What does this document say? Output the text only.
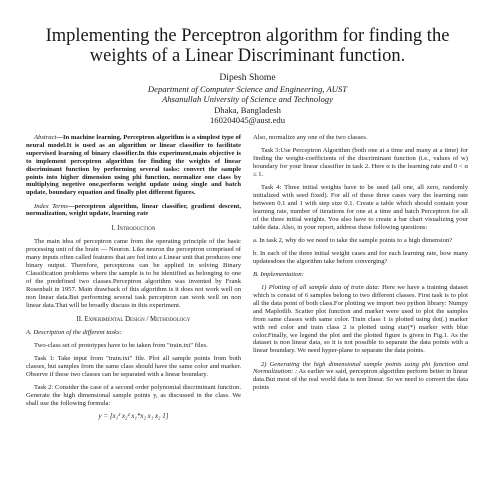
Implementing the Perceptron algorithm for finding the weights of a Linear Discriminant function.
Dipesh Shome
Department of Computer Science and Engineering, AUST
Ahsanullah University of Science and Technology
Dhaka, Bangladesh
160204045@aust.edu

Abstract—In machine learning, Perceptron algorithm is a simplest type of neural model.It is used as an algorithm or linear classifier to facilitate supervised learning of binary classifier.In this experiment,main objective is to implement perceptron algorithm for finding the weights of linear discriminant function by performing several tasks: convert the sample points into higher dimension using phi function, normalize one class by multiplying negetive one,perform weight update using single and batch update, boundary equation and finally plot different figures.

Index Terms—perceptron algorithm, linear classifier, gradient descent, normalization, weight update, learning rate

I. Introduction

The main idea of perceptron came from the operating principle of the basic processing unit of the brain — Neuron. Like neuron the perceptron comprised of many inputs often called features that are fed into a Linear unit that produces one binary output. Therefore, perceptrons can be applied in solving Binary Classification problems where the sample is to be identified as belonging to one of the predefined two classes.Perceptron algorithm was invented by Frank Rosenbalt in 1957. Main drawback of this algorithm is it does not work well on non linear data.But performing several task perceptron can work well on non linear data.That will be broadly discuss in this experiment.

II. Experimental Design / Methodology
A. Description of the different tasks:

Two-class set of prototypes have to be taken from "train.txt" files.

Task 1: Take input from "train.txt" file. Plot all sample points from both classes, but samples from the same class should have the same color and marker. Observe if these two classes can be separated with a linear boundary.

Task 2: Consider the case of a second order polynomial discriminant function. Generate the high dimensional sample points y, as discussed in the class. We shall use the following formula:

y = [x₁² x₂² x₁*x₂ x₁ x₂ 1]

Also, normalize any one of the two classes.

Task 3:Use Perceptron Algorithm (both one at a time and many at a time) for finding the weight-coefficients of the discriminant function (i.e., values of w) boundary for your linear classifier in task 2. Here α is the learning rate and 0 < α ≤ 1.

Task 4: Three initial weights have to be used (all one, all zero, randomly initialized with seed fixed). For all of these three cases vary the learning rate between 0.1 and 1 with step size 0.1. Create a table which should contain your learning rate, number of iterations for one at a time and batch Perceptron for all of the three initial weights. You also have to create a bar chart visualizing your table data. Also, in your report, address these following questions:

a. In task 2, why do we need to take the sample points to a high dimension?

b. In each of the three initial weight cases and for each learning rate, how many updatesdoes the algorithm take before converging?

B. Implementation:

1) Plotting of all sample data of train data: Here we have a training dataset which is consist of 6 samples belong to two different classes. First task is to plot all the data point of both class.For plotting we import two python library: Numpy and Maplotlib. Scatter plot function and marker were used to plot the samples from same classes with same color. Train class 1 is plotted using dot(.) marker with red color and train class 2 is plotted using star(*) marker with blue color.Finally, we legend the plot and the plotted figure is given in Fig.1. As the dataset is non linear data, so it is not possible to separate the data points with a linear boundary. We need hyper-plane to separate the data points.

2) Generating the high dimensional sample points using phi function and Normalization: : As earlier we said, perceptron algorithm perform better in linear data.But most of the real world data is non linear. So we need to convert the data points
